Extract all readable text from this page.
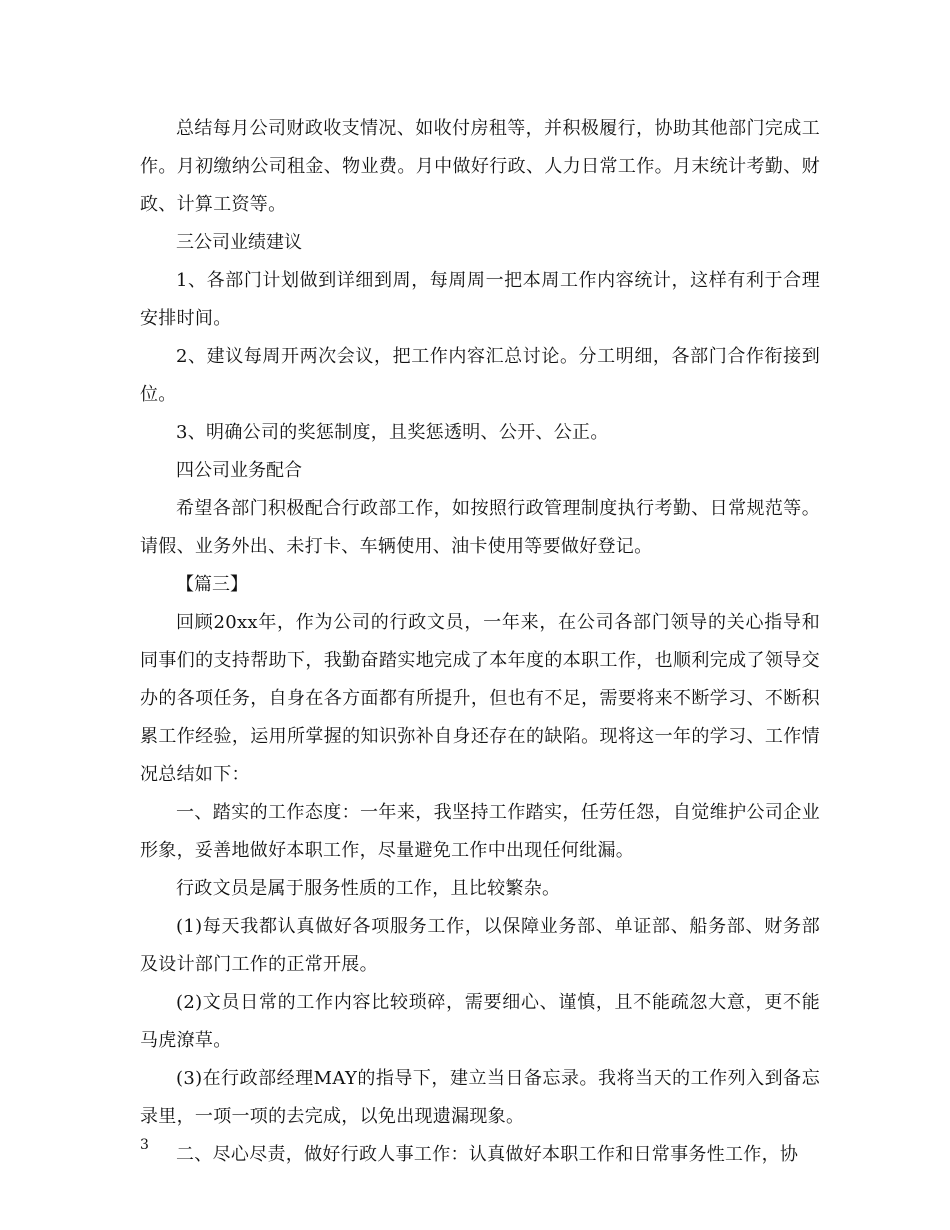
总结每月公司财政收支情况、如收付房租等，并积极履行，协助其他部门完成工作。月初缴纳公司租金、物业费。月中做好行政、人力日常工作。月末统计考勤、财政、计算工资等。

三公司业绩建议

1、各部门计划做到详细到周，每周周一把本周工作内容统计，这样有利于合理安排时间。

2、建议每周开两次会议，把工作内容汇总讨论。分工明细，各部门合作衔接到位。

3、明确公司的奖惩制度，且奖惩透明、公开、公正。

四公司业务配合

希望各部门积极配合行政部工作，如按照行政管理制度执行考勤、日常规范等。请假、业务外出、未打卡、车辆使用、油卡使用等要做好登记。

【篇三】

回顾20xx年，作为公司的行政文员，一年来，在公司各部门领导的关心指导和同事们的支持帮助下，我勤奋踏实地完成了本年度的本职工作，也顺利完成了领导交办的各项任务，自身在各方面都有所提升，但也有不足，需要将来不断学习、不断积累工作经验，运用所掌握的知识弥补自身还存在的缺陷。现将这一年的学习、工作情况总结如下：

一、踏实的工作态度：一年来，我坚持工作踏实，任劳任怨，自觉维护公司企业形象，妥善地做好本职工作，尽量避免工作中出现任何纰漏。

行政文员是属于服务性质的工作，且比较繁杂。

(1)每天我都认真做好各项服务工作，以保障业务部、单证部、船务部、财务部及设计部门工作的正常开展。

(2)文员日常的工作内容比较琐碎，需要细心、谨慎，且不能疏忽大意，更不能马虎潦草。

(3)在行政部经理MAY的指导下，建立当日备忘录。我将当天的工作列入到备忘录里，一项一项的去完成，以免出现遗漏现象。

二、尽心尽责，做好行政人事工作：认真做好本职工作和日常事务性工作，协

3
